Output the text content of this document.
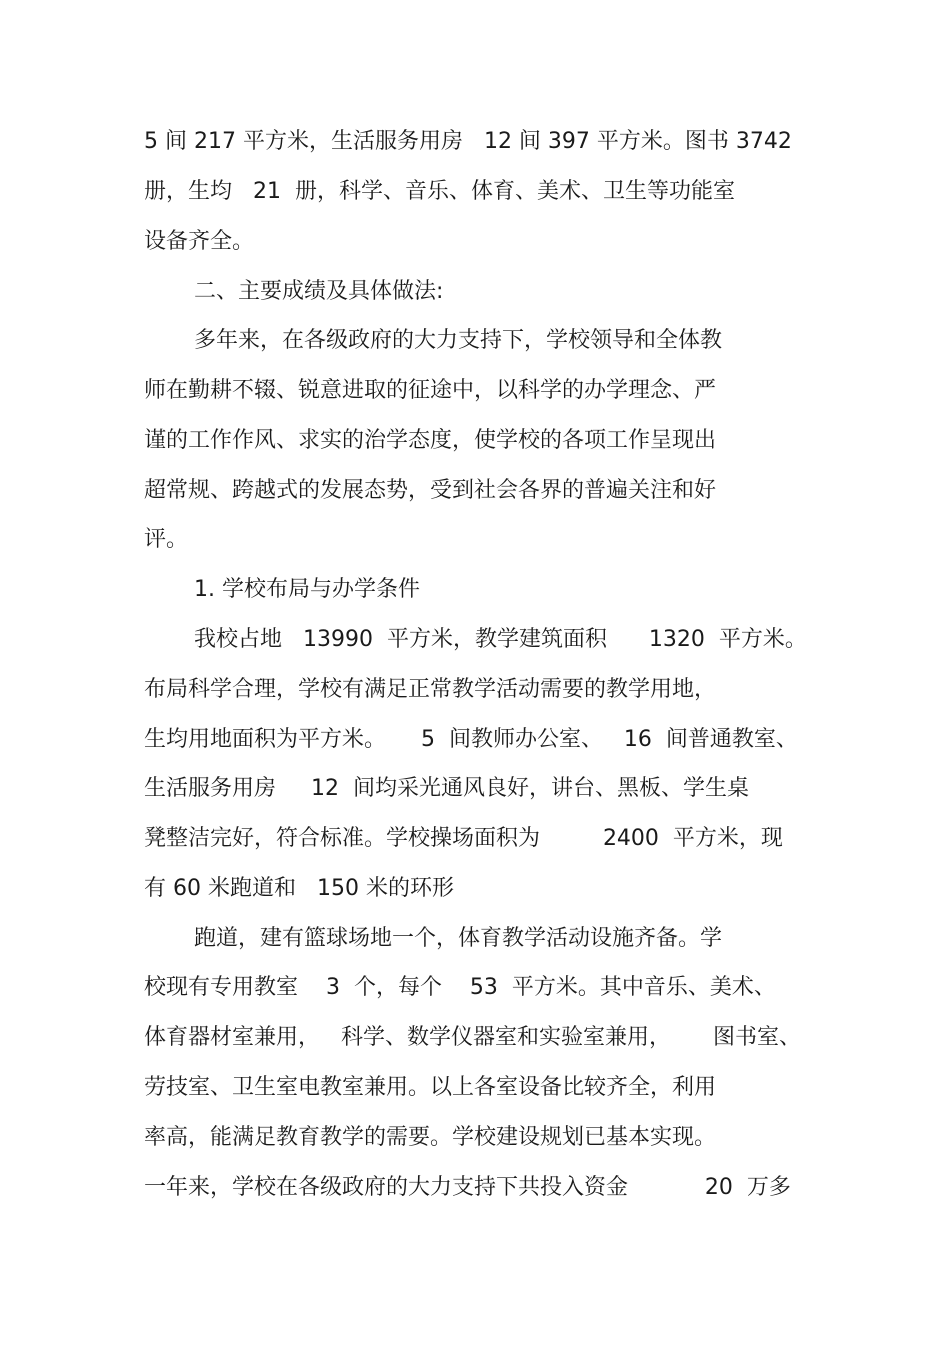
5 间 217 平方米，生活服务用房   12 间 397 平方米。图书 3742

册，生均   21  册，科学、音乐、体育、美术、卫生等功能室

设备齐全。

二、主要成绩及具体做法:

多年来，在各级政府的大力支持下，学校领导和全体教

师在勤耕不辍、锐意进取的征途中，以科学的办学理念、严

谨的工作作风、求实的治学态度，使学校的各项工作呈现出

超常规、跨越式的发展态势，受到社会各界的普遍关注和好

评。

1. 学校布局与办学条件

我校占地   13990  平方米，教学建筑面积      1320  平方米。

布局科学合理，学校有满足正常教学活动需要的教学用地，

生均用地面积为平方米。     5  间教师办公室、   16  间普通教室、

生活服务用房     12  间均采光通风良好，讲台、黑板、学生桌

凳整洁完好，符合标准。学校操场面积为         2400  平方米，现

有 60 米跑道和   150 米的环形

跑道，建有篮球场地一个，体育教学活动设施齐备。学

校现有专用教室    3  个，每个    53  平方米。其中音乐、美术、

体育器材室兼用，   科学、数学仪器室和实验室兼用，      图书室、

劳技室、卫生室电教室兼用。以上各室设备比较齐全，利用

率高，能满足教育教学的需要。学校建设规划已基本实现。

一年来，学校在各级政府的大力支持下共投入资金           20  万多
